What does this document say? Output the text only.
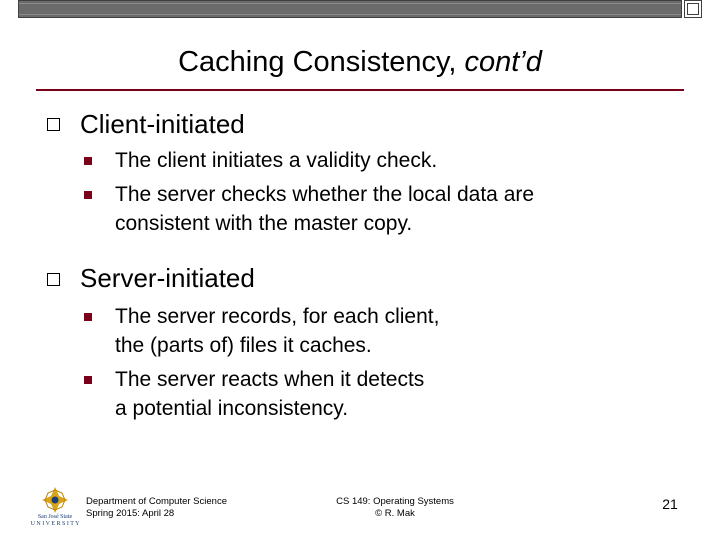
Caching Consistency, cont’d
Client-initiated
The client initiates a validity check.
The server checks whether the local data are
consistent with the master copy.
Server-initiated
The server records, for each client,
the (parts of) files it caches.
The server reacts when it detects
a potential inconsistency.
San José State
U N I V E R S I T Y
Department of Computer Science
Spring 2015: April 28
CS 149: Operating Systems
© R. Mak
21
